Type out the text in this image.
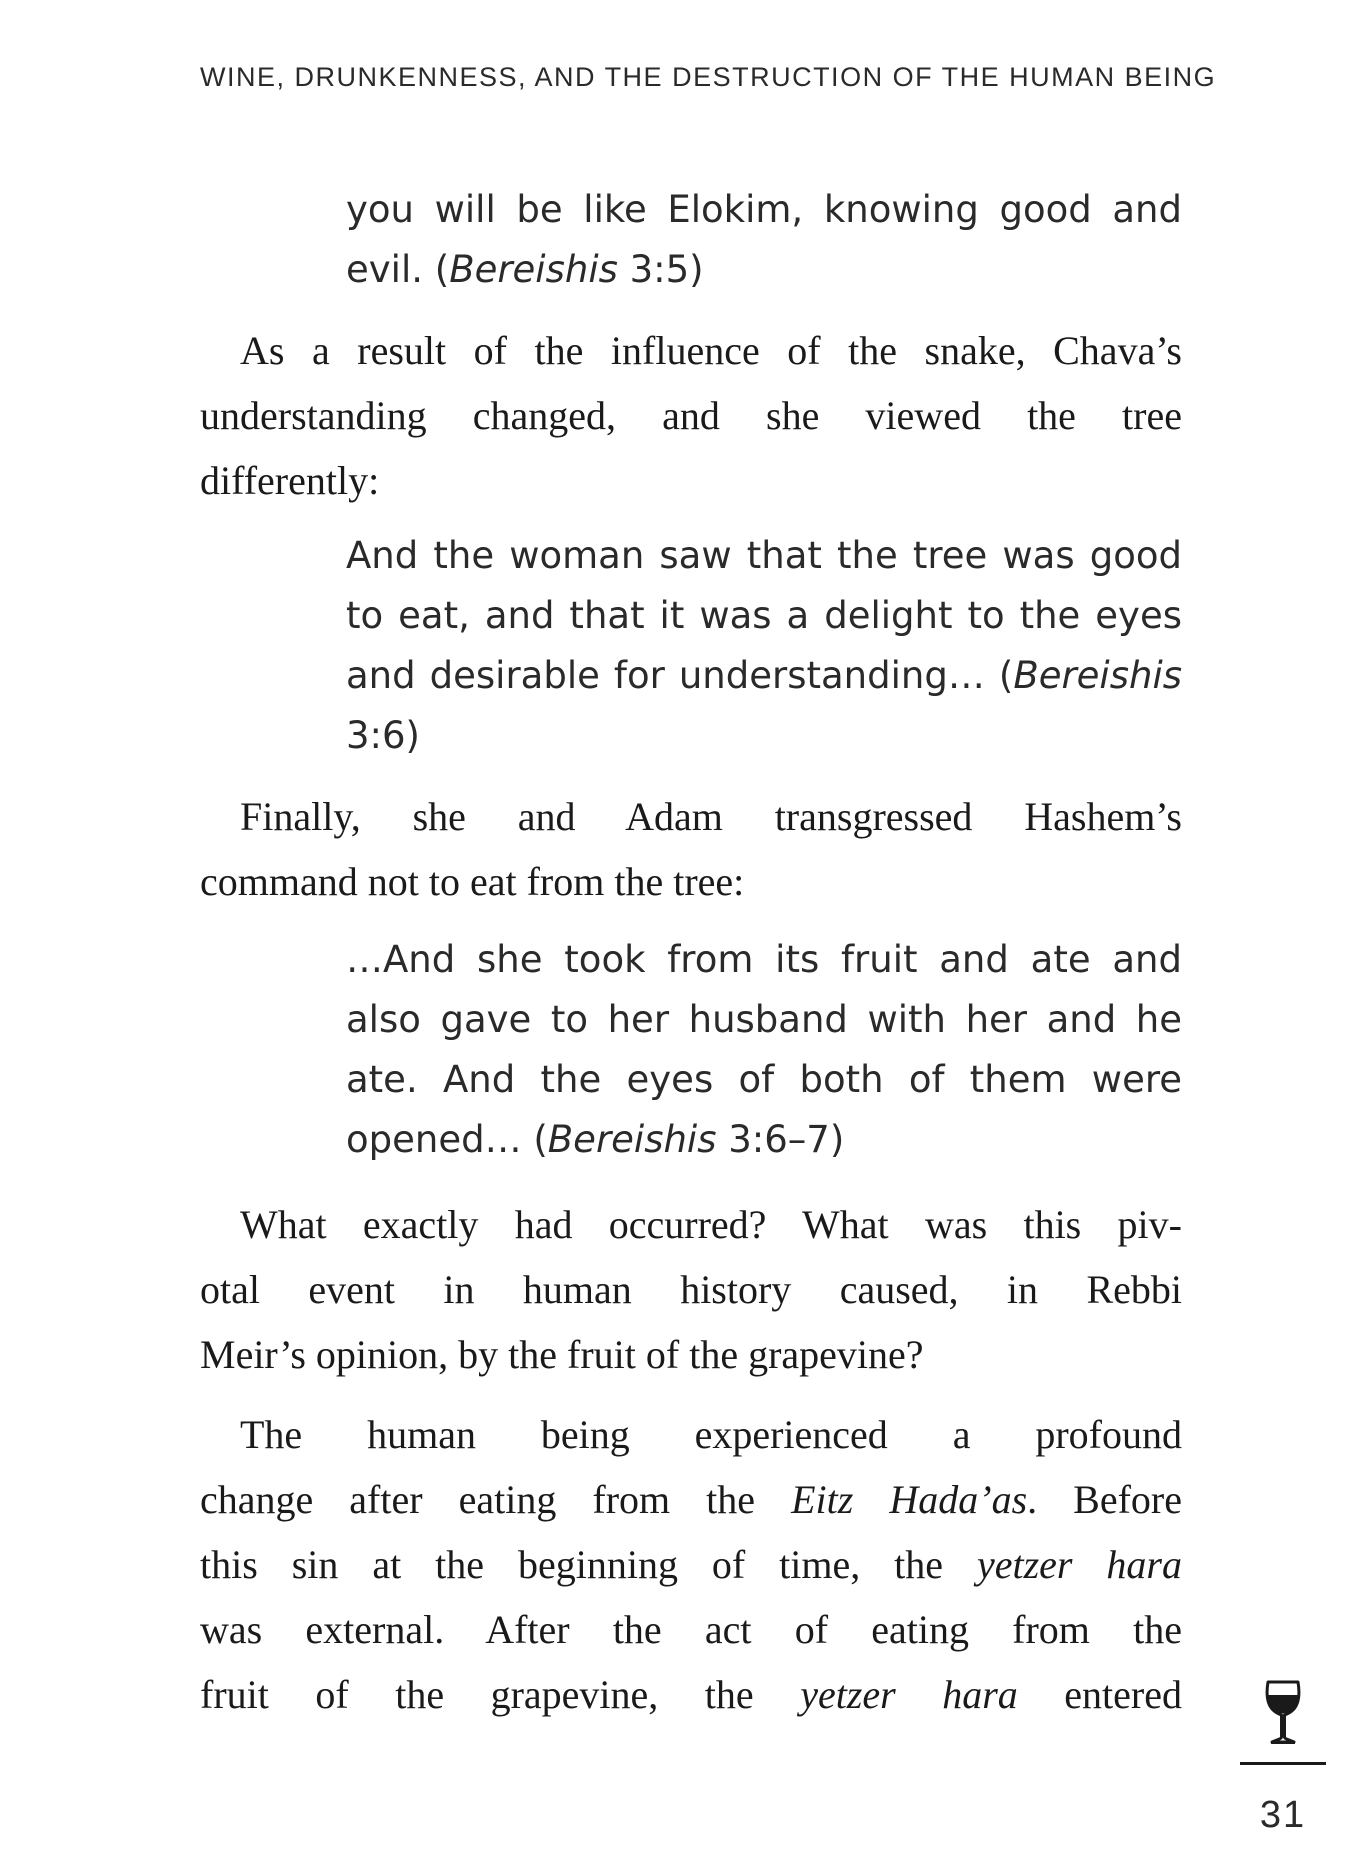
WINE, DRUNKENNESS, AND THE DESTRUCTION OF THE HUMAN BEING
you will be like Elokim, knowing good and
evil. (Bereishis 3:5)
As a result of the influence of the snake, Chava’s
understanding changed, and she viewed the tree
differently:
And the woman saw that the tree was good
to eat, and that it was a delight to the eyes
and desirable for understanding… (Bereishis
3:6)
Finally, she and Adam transgressed Hashem’s
command not to eat from the tree:
…And she took from its fruit and ate and
also gave to her husband with her and he
ate. And the eyes of both of them were
opened… (Bereishis 3:6–7)
What exactly had occurred? What was this piv-
otal event in human history caused, in Rebbi
Meir’s opinion, by the fruit of the grapevine?
The human being experienced a profound
change after eating from the Eitz Hada’as. Before
this sin at the beginning of time, the yetzer hara
was external. After the act of eating from the
fruit of the grapevine, the yetzer hara entered
31
